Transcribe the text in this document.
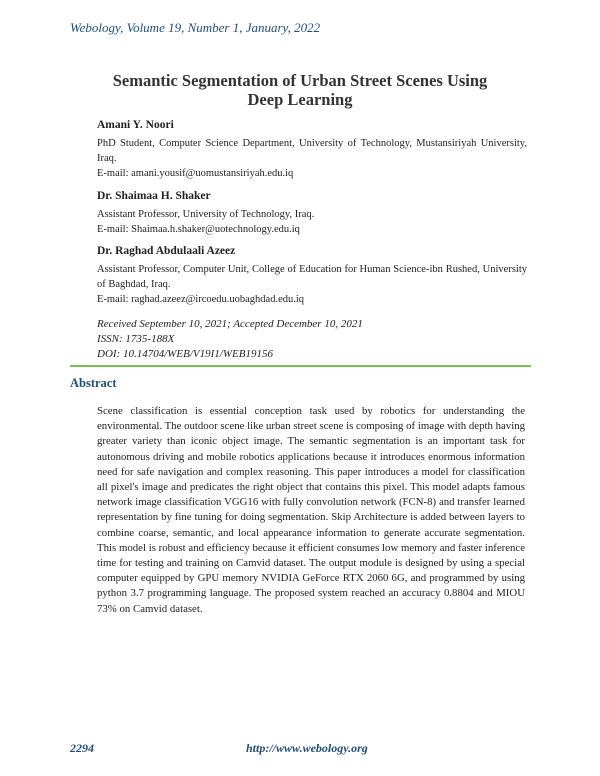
Webology, Volume 19, Number 1, January, 2022
Semantic Segmentation of Urban Street Scenes Using Deep Learning
Amani Y. Noori
PhD Student, Computer Science Department, University of Technology, Mustansiriyah University, Iraq.
E-mail: amani.yousif@uomustansiriyah.edu.iq
Dr. Shaimaa H. Shaker
Assistant Professor, University of Technology, Iraq.
E-mail: Shaimaa.h.shaker@uotechnology.edu.iq
Dr. Raghad Abdulaali Azeez
Assistant Professor, Computer Unit, College of Education for Human Science-ibn Rushed, University of Baghdad, Iraq.
E-mail: raghad.azeez@ircoedu.uobaghdad.edu.iq
Received September 10, 2021; Accepted December 10, 2021
ISSN: 1735-188X
DOI: 10.14704/WEB/V19I1/WEB19156
Abstract
Scene classification is essential conception task used by robotics for understanding the environmental. The outdoor scene like urban street scene is composing of image with depth having greater variety than iconic object image. The semantic segmentation is an important task for autonomous driving and mobile robotics applications because it introduces enormous information need for safe navigation and complex reasoning. This paper introduces a model for classification all pixel's image and predicates the right object that contains this pixel. This model adapts famous network image classification VGG16 with fully convolution network (FCN-8) and transfer learned representation by fine tuning for doing segmentation. Skip Architecture is added between layers to combine coarse, semantic, and local appearance information to generate accurate segmentation. This model is robust and efficiency because it efficient consumes low memory and faster inference time for testing and training on Camvid dataset. The output module is designed by using a special computer equipped by GPU memory NVIDIA GeForce RTX 2060 6G, and programmed by using python 3.7 programming language. The proposed system reached an accuracy 0.8804 and MIOU 73% on Camvid dataset.
2294	http://www.webology.org
